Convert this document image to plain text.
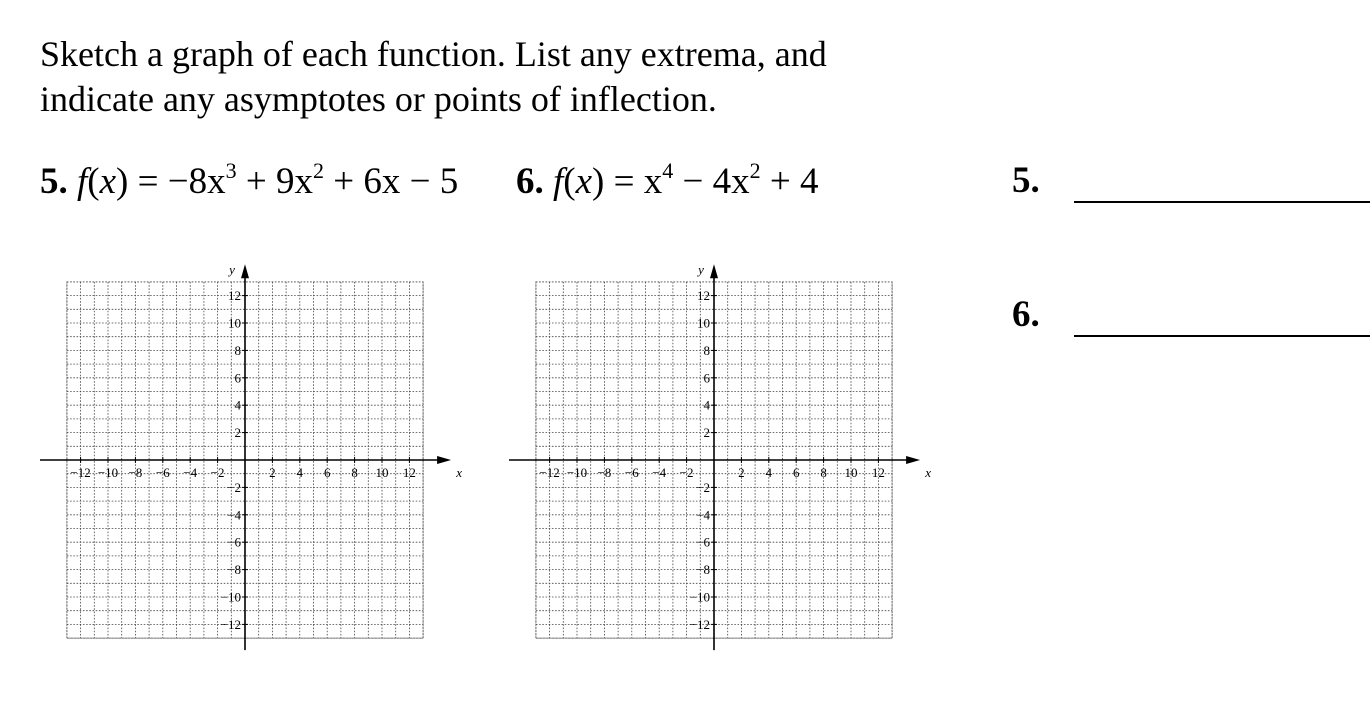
Sketch a graph of each function. List any extrema, and
indicate any asymptotes or points of inflection.
5. $f(x) = -8x^3 + 9x^2 + 6x - 5$ 6. $f(x) = x^4 - 4x^2 + 4$	5.
6.
x
y
−12 −10 −8 −6 −4 −2	2 4 6 8 10 12
12
10
8
6
4
2
−2
−4
−6
−8
−10
−12
x
y
−12 −10 −8 −6 −4 −2	2 4 6 8 10 12
12
10
8
6
4
2
−2
−4
−6
−8
−10
−12
